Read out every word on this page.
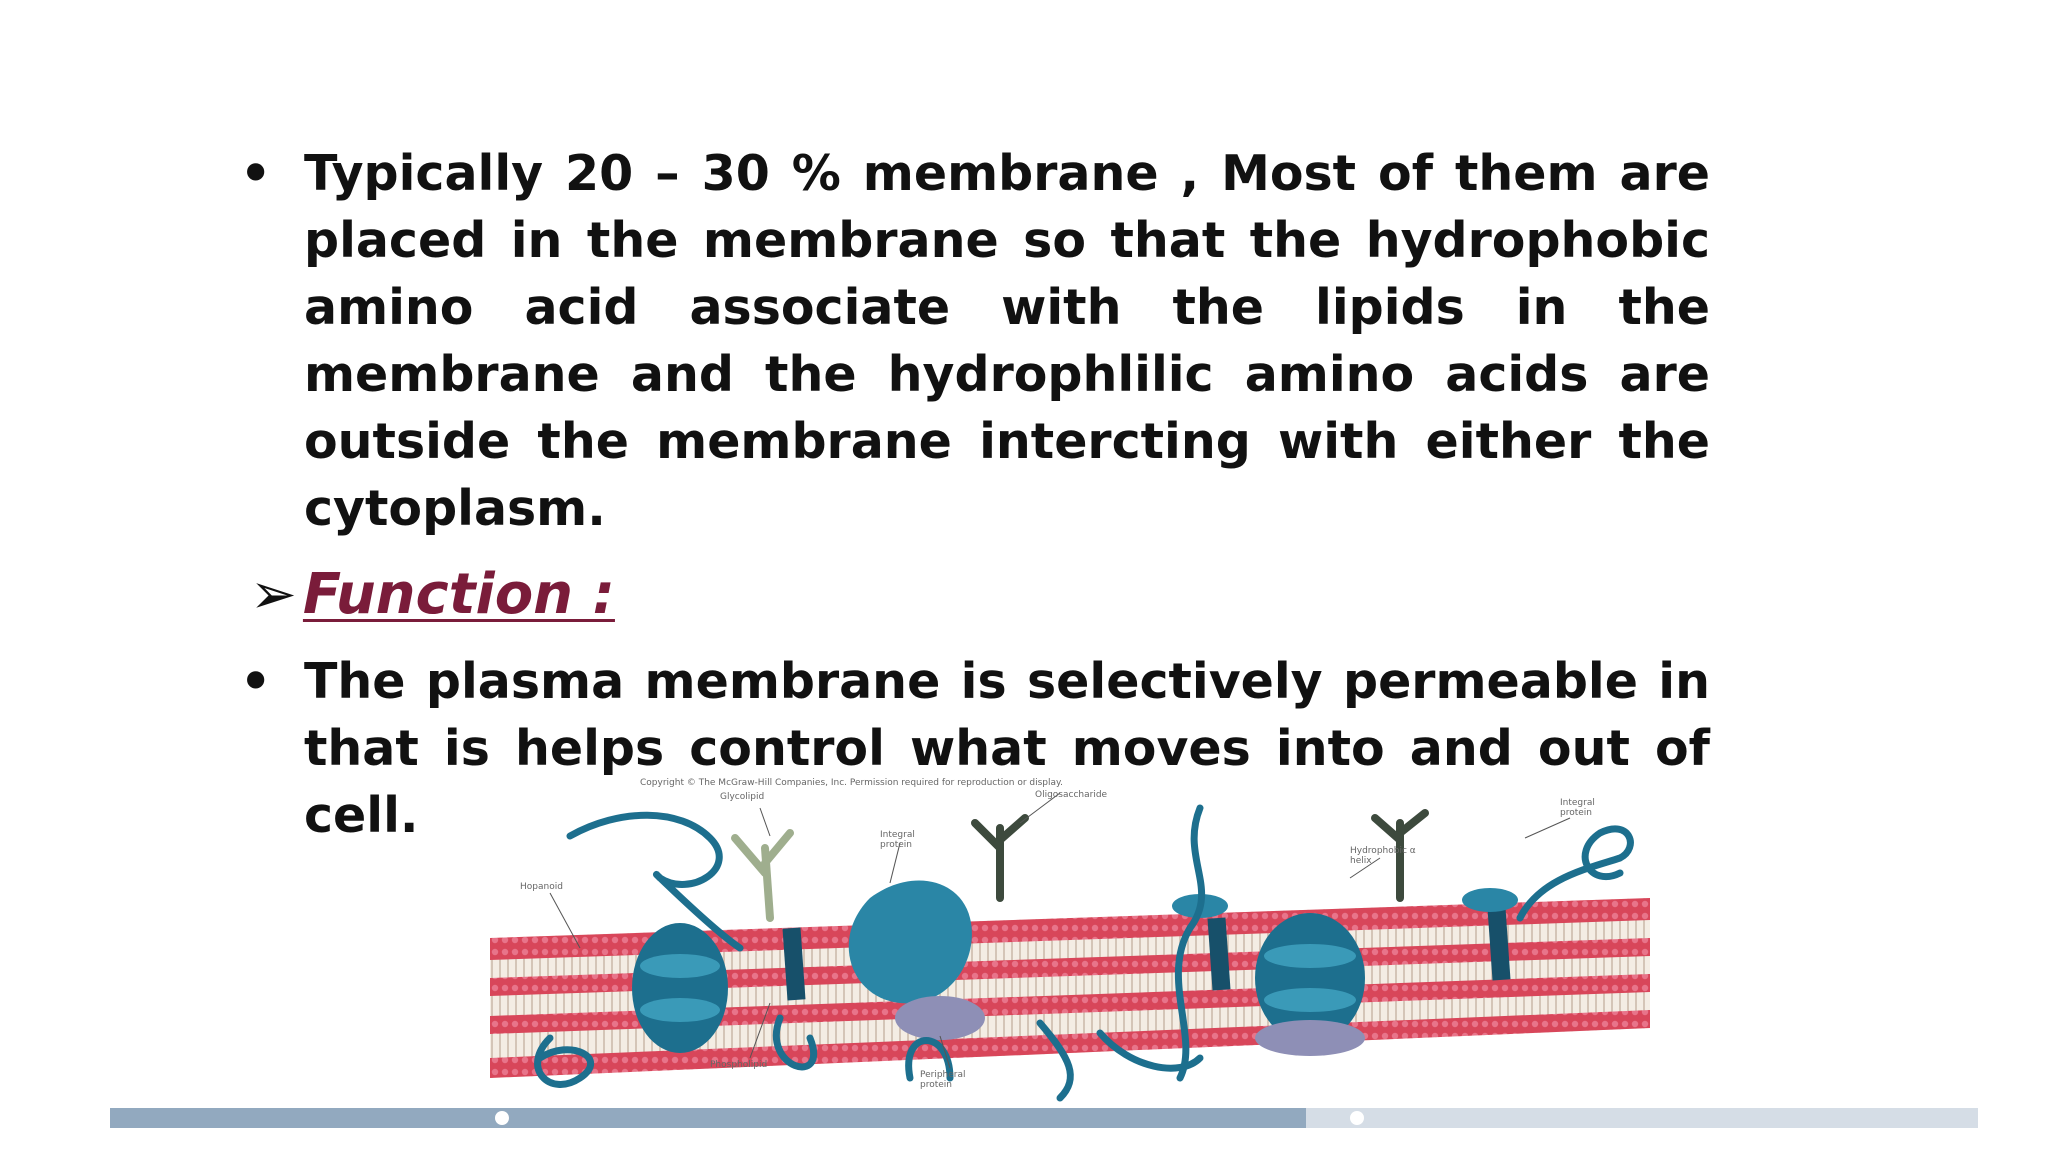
• Typically 20 – 30 % membrane , Most of them are placed in the membrane so that the hydrophobic amino acid associate with the lipids in the membrane and the hydrophlilic amino acids are outside the membrane intercting with either the cytoplasm.
➢ Function :
• The plasma membrane is selectively permeable in that is helps control what moves into and out of cell.
Copyright © The McGraw-Hill Companies, Inc. Permission required for reproduction or display.
Glycolipid	Oligosaccharide
Integral protein
Integral protein
Hopanoid
Hydrophobic α helix
Phospholipid
Peripheral protein
